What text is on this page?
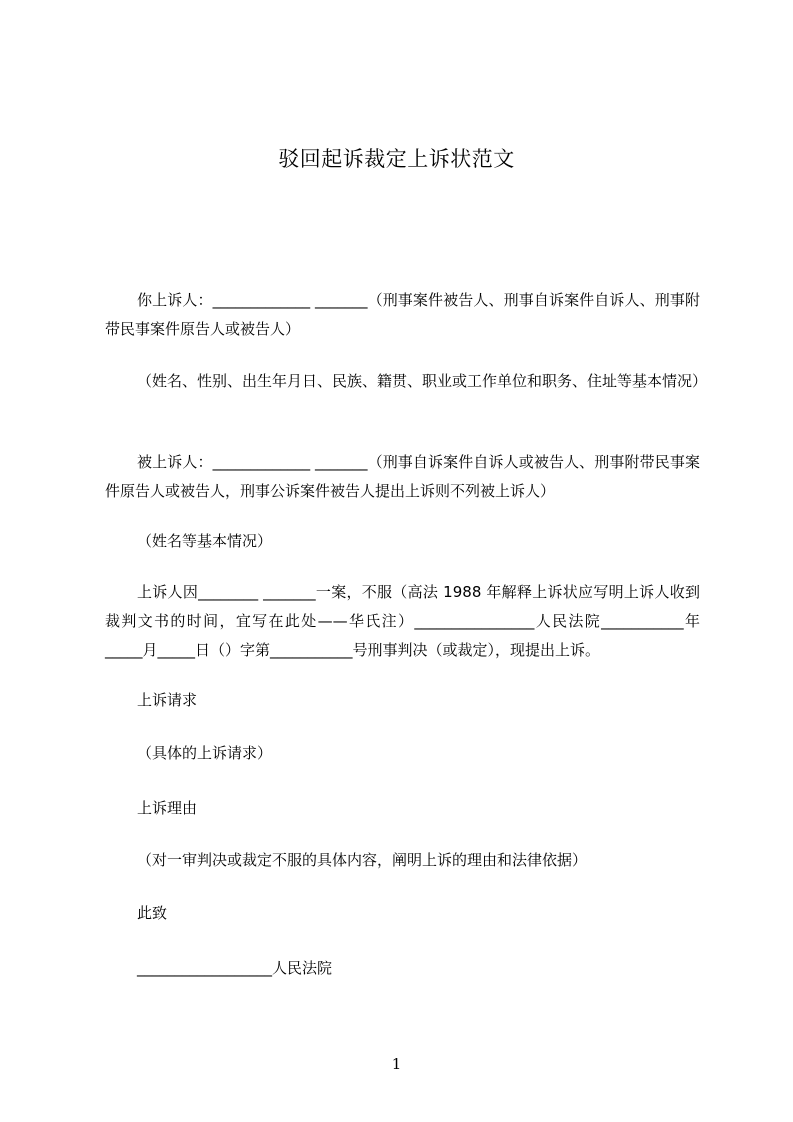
驳回起诉裁定上诉状范文

你上诉人：_____________ _______（刑事案件被告人、刑事自诉案件自诉人、刑事附带民事案件原告人或被告人）

（姓名、性别、出生年月日、民族、籍贯、职业或工作单位和职务、住址等基本情况）

被上诉人：_____________ _______（刑事自诉案件自诉人或被告人、刑事附带民事案件原告人或被告人，刑事公诉案件被告人提出上诉则不列被上诉人）

（姓名等基本情况）

上诉人因________ _______一案，不服（高法 1988 年解释上诉状应写明上诉人收到裁判文书的时间，宜写在此处——华氏注）________________人民法院___________年_____月_____日（）字第___________号刑事判决（或裁定），现提出上诉。

上诉请求

（具体的上诉请求）

上诉理由

（对一审判决或裁定不服的具体内容，阐明上诉的理由和法律依据）

此致

__________________人民法院

1
